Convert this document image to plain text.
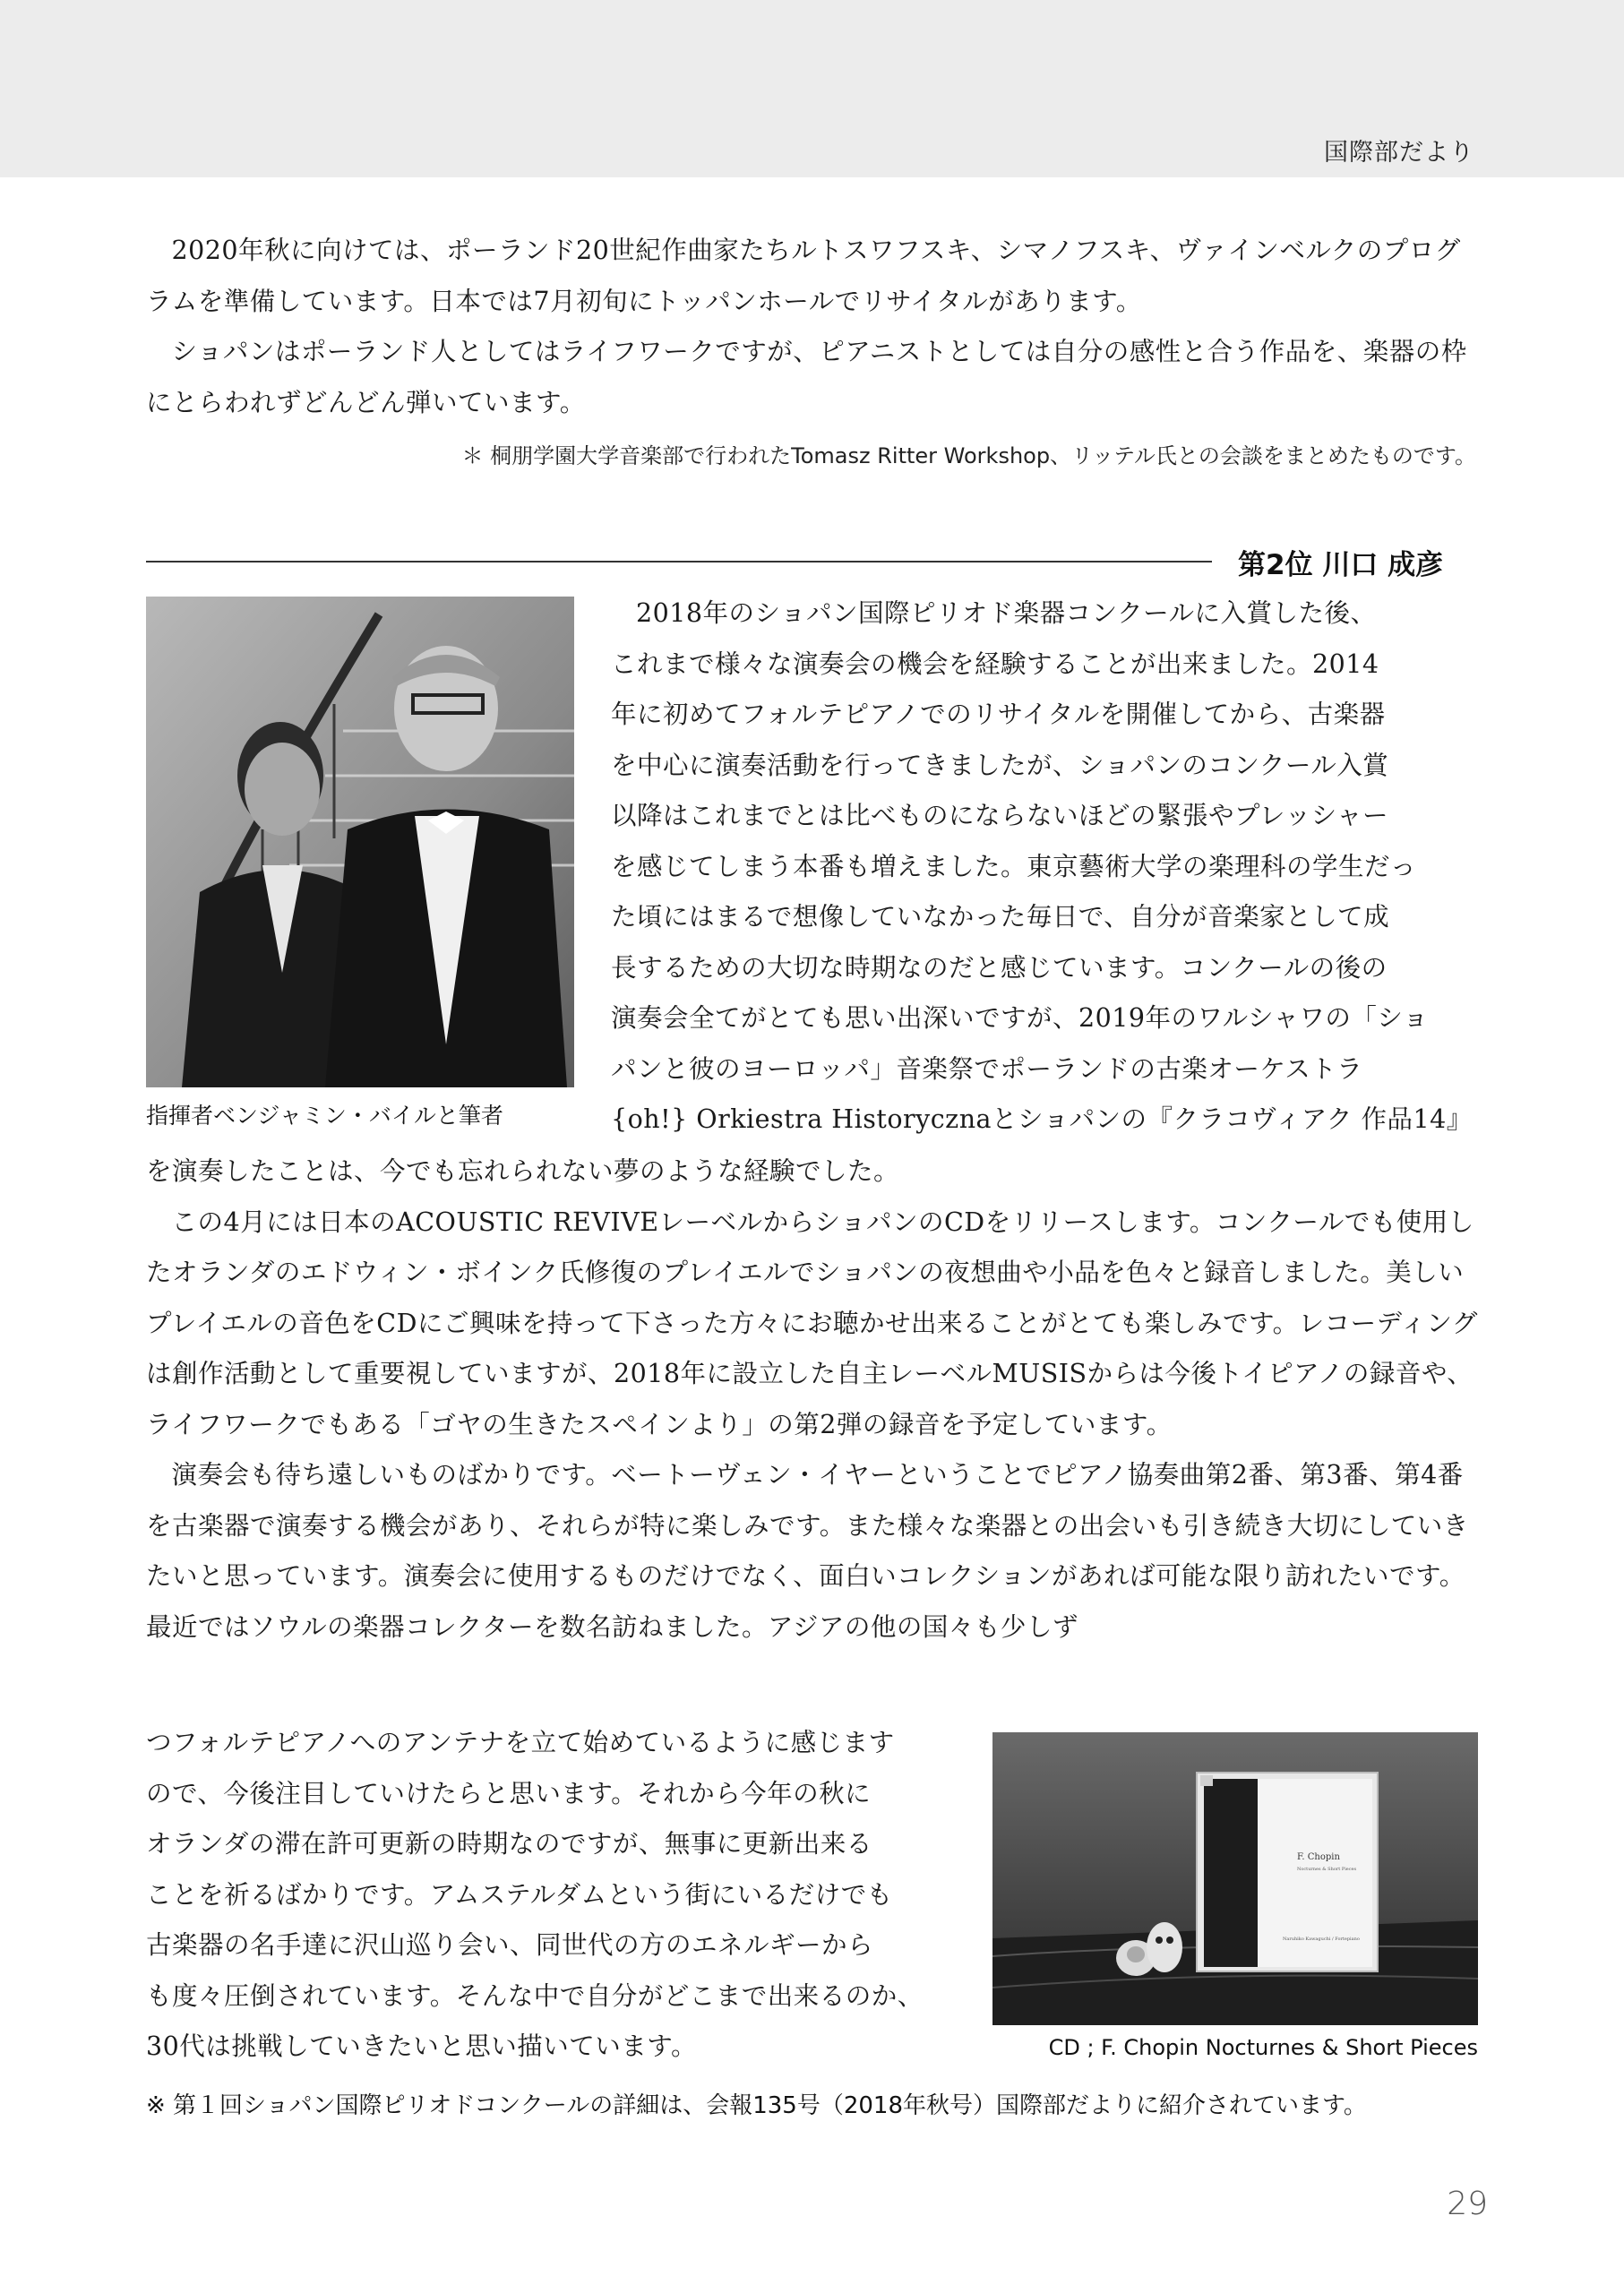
国際部だより

2020年秋に向けては、ポーランド20世紀作曲家たちルトスワフスキ、シマノフスキ、ヴァインベルクのプログラムを準備しています。日本では7月初旬にトッパンホールでリサイタルがあります。

ショパンはポーランド人としてはライフワークですが、ピアニストとしては自分の感性と合う作品を、楽器の枠にとらわれずどんどん弾いています。

＊ 桐朋学園大学音楽部で行われたTomasz Ritter Workshop、リッテル氏との会談をまとめたものです。
第2位 川口 成彦
指揮者ベンジャミン・バイルと筆者
2018年のショパン国際ピリオド楽器コンクールに入賞した後、
これまで様々な演奏会の機会を経験することが出来ました。2014
年に初めてフォルテピアノでのリサイタルを開催してから、古楽器
を中心に演奏活動を行ってきましたが、ショパンのコンクール入賞
以降はこれまでとは比べものにならないほどの緊張やプレッシャー
を感じてしまう本番も増えました。東京藝術大学の楽理科の学生だっ
た頃にはまるで想像していなかった毎日で、自分が音楽家として成
長するための大切な時期なのだと感じています。コンクールの後の
演奏会全てがとても思い出深いですが、2019年のワルシャワの「ショ
パンと彼のヨーロッパ」音楽祭でポーランドの古楽オーケストラ
{oh!} Orkiestra Historycznaとショパンの『クラコヴィアク 作品14』

を演奏したことは、今でも忘れられない夢のような経験でした。

この4月には日本のACOUSTIC REVIVEレーベルからショパンのCDをリリースします。コンクールでも使用したオランダのエドウィン・ボインク氏修復のプレイエルでショパンの夜想曲や小品を色々と録音しました。美しいプレイエルの音色をCDにご興味を持って下さった方々にお聴かせ出来ることがとても楽しみです。レコーディングは創作活動として重要視していますが、2018年に設立した自主レーベルMUSISからは今後トイピアノの録音や、ライフワークでもある「ゴヤの生きたスペインより」の第2弾の録音を予定しています。

演奏会も待ち遠しいものばかりです。ベートーヴェン・イヤーということでピアノ協奏曲第2番、第3番、第4番を古楽器で演奏する機会があり、それらが特に楽しみです。また様々な楽器との出会いも引き続き大切にしていきたいと思っています。演奏会に使用するものだけでなく、面白いコレクションがあれば可能な限り訪れたいです。最近ではソウルの楽器コレクターを数名訪ねました。アジアの他の国々も少しず

つフォルテピアノへのアンテナを立て始めているように感じます
ので、今後注目していけたらと思います。それから今年の秋に
オランダの滞在許可更新の時期なのですが、無事に更新出来る
ことを祈るばかりです。アムステルダムという街にいるだけでも
古楽器の名手達に沢山巡り会い、同世代の方のエネルギーから
も度々圧倒されています。そんな中で自分がどこまで出来るのか、
30代は挑戦していきたいと思い描いています。
F. Chopin
Nocturnes & Short Pieces
Naruhiko Kawaguchi / Fortepiano
CD ; F. Chopin Nocturnes & Short Pieces
※ 第１回ショパン国際ピリオドコンクールの詳細は、会報135号（2018年秋号）国際部だよりに紹介されています。
29
